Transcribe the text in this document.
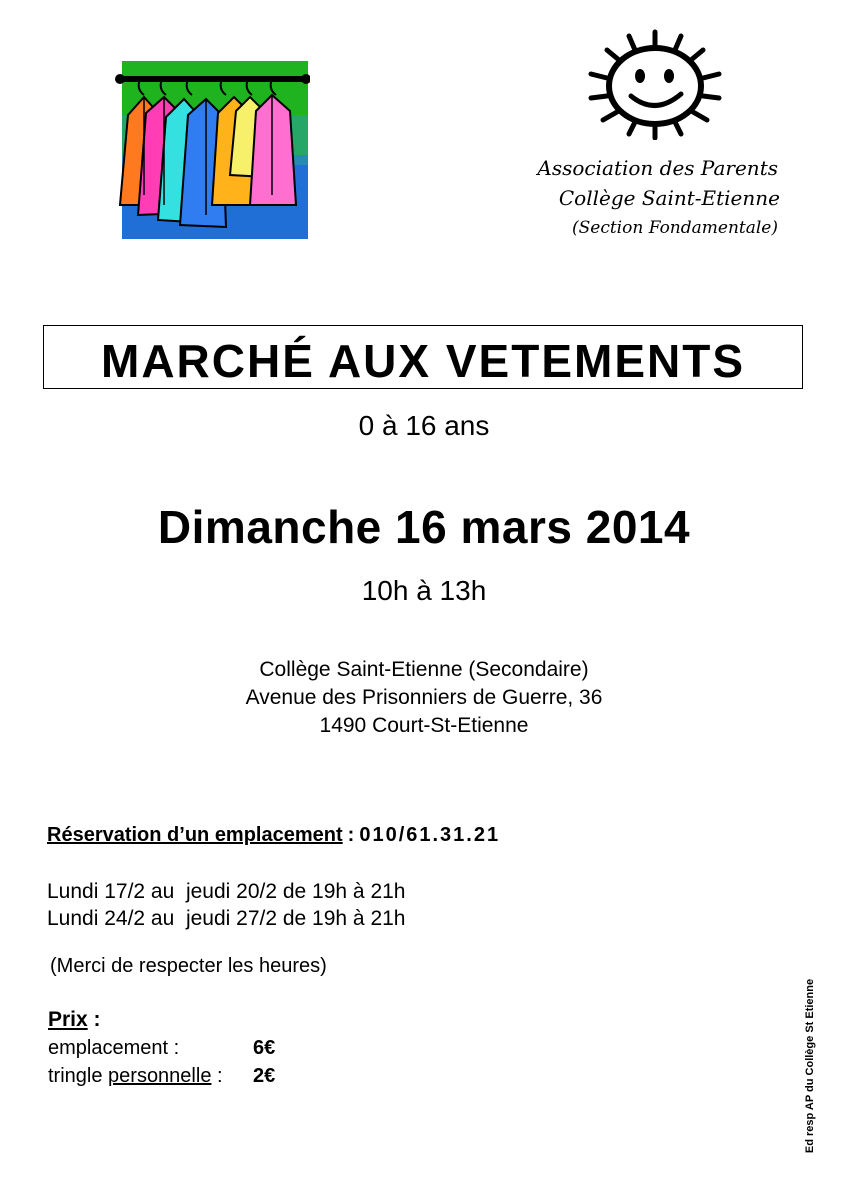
Association des Parents
Collège Saint-Etienne
(Section Fondamentale)
MARCHÉ AUX VETEMENTS
0 à 16 ans
Dimanche 16 mars 2014
10h à 13h
Collège Saint-Etienne (Secondaire)
Avenue des Prisonniers de Guerre, 36
1490 Court-St-Etienne
Réservation d’un emplacement : 010/61.31.21
Lundi 17/2 au  jeudi 20/2 de 19h à 21h
Lundi 24/2 au  jeudi 27/2 de 19h à 21h
(Merci de respecter les heures)
Prix :
emplacement :	6€
tringle personnelle : 2€	Ed resp AP du Collège St Etienne
